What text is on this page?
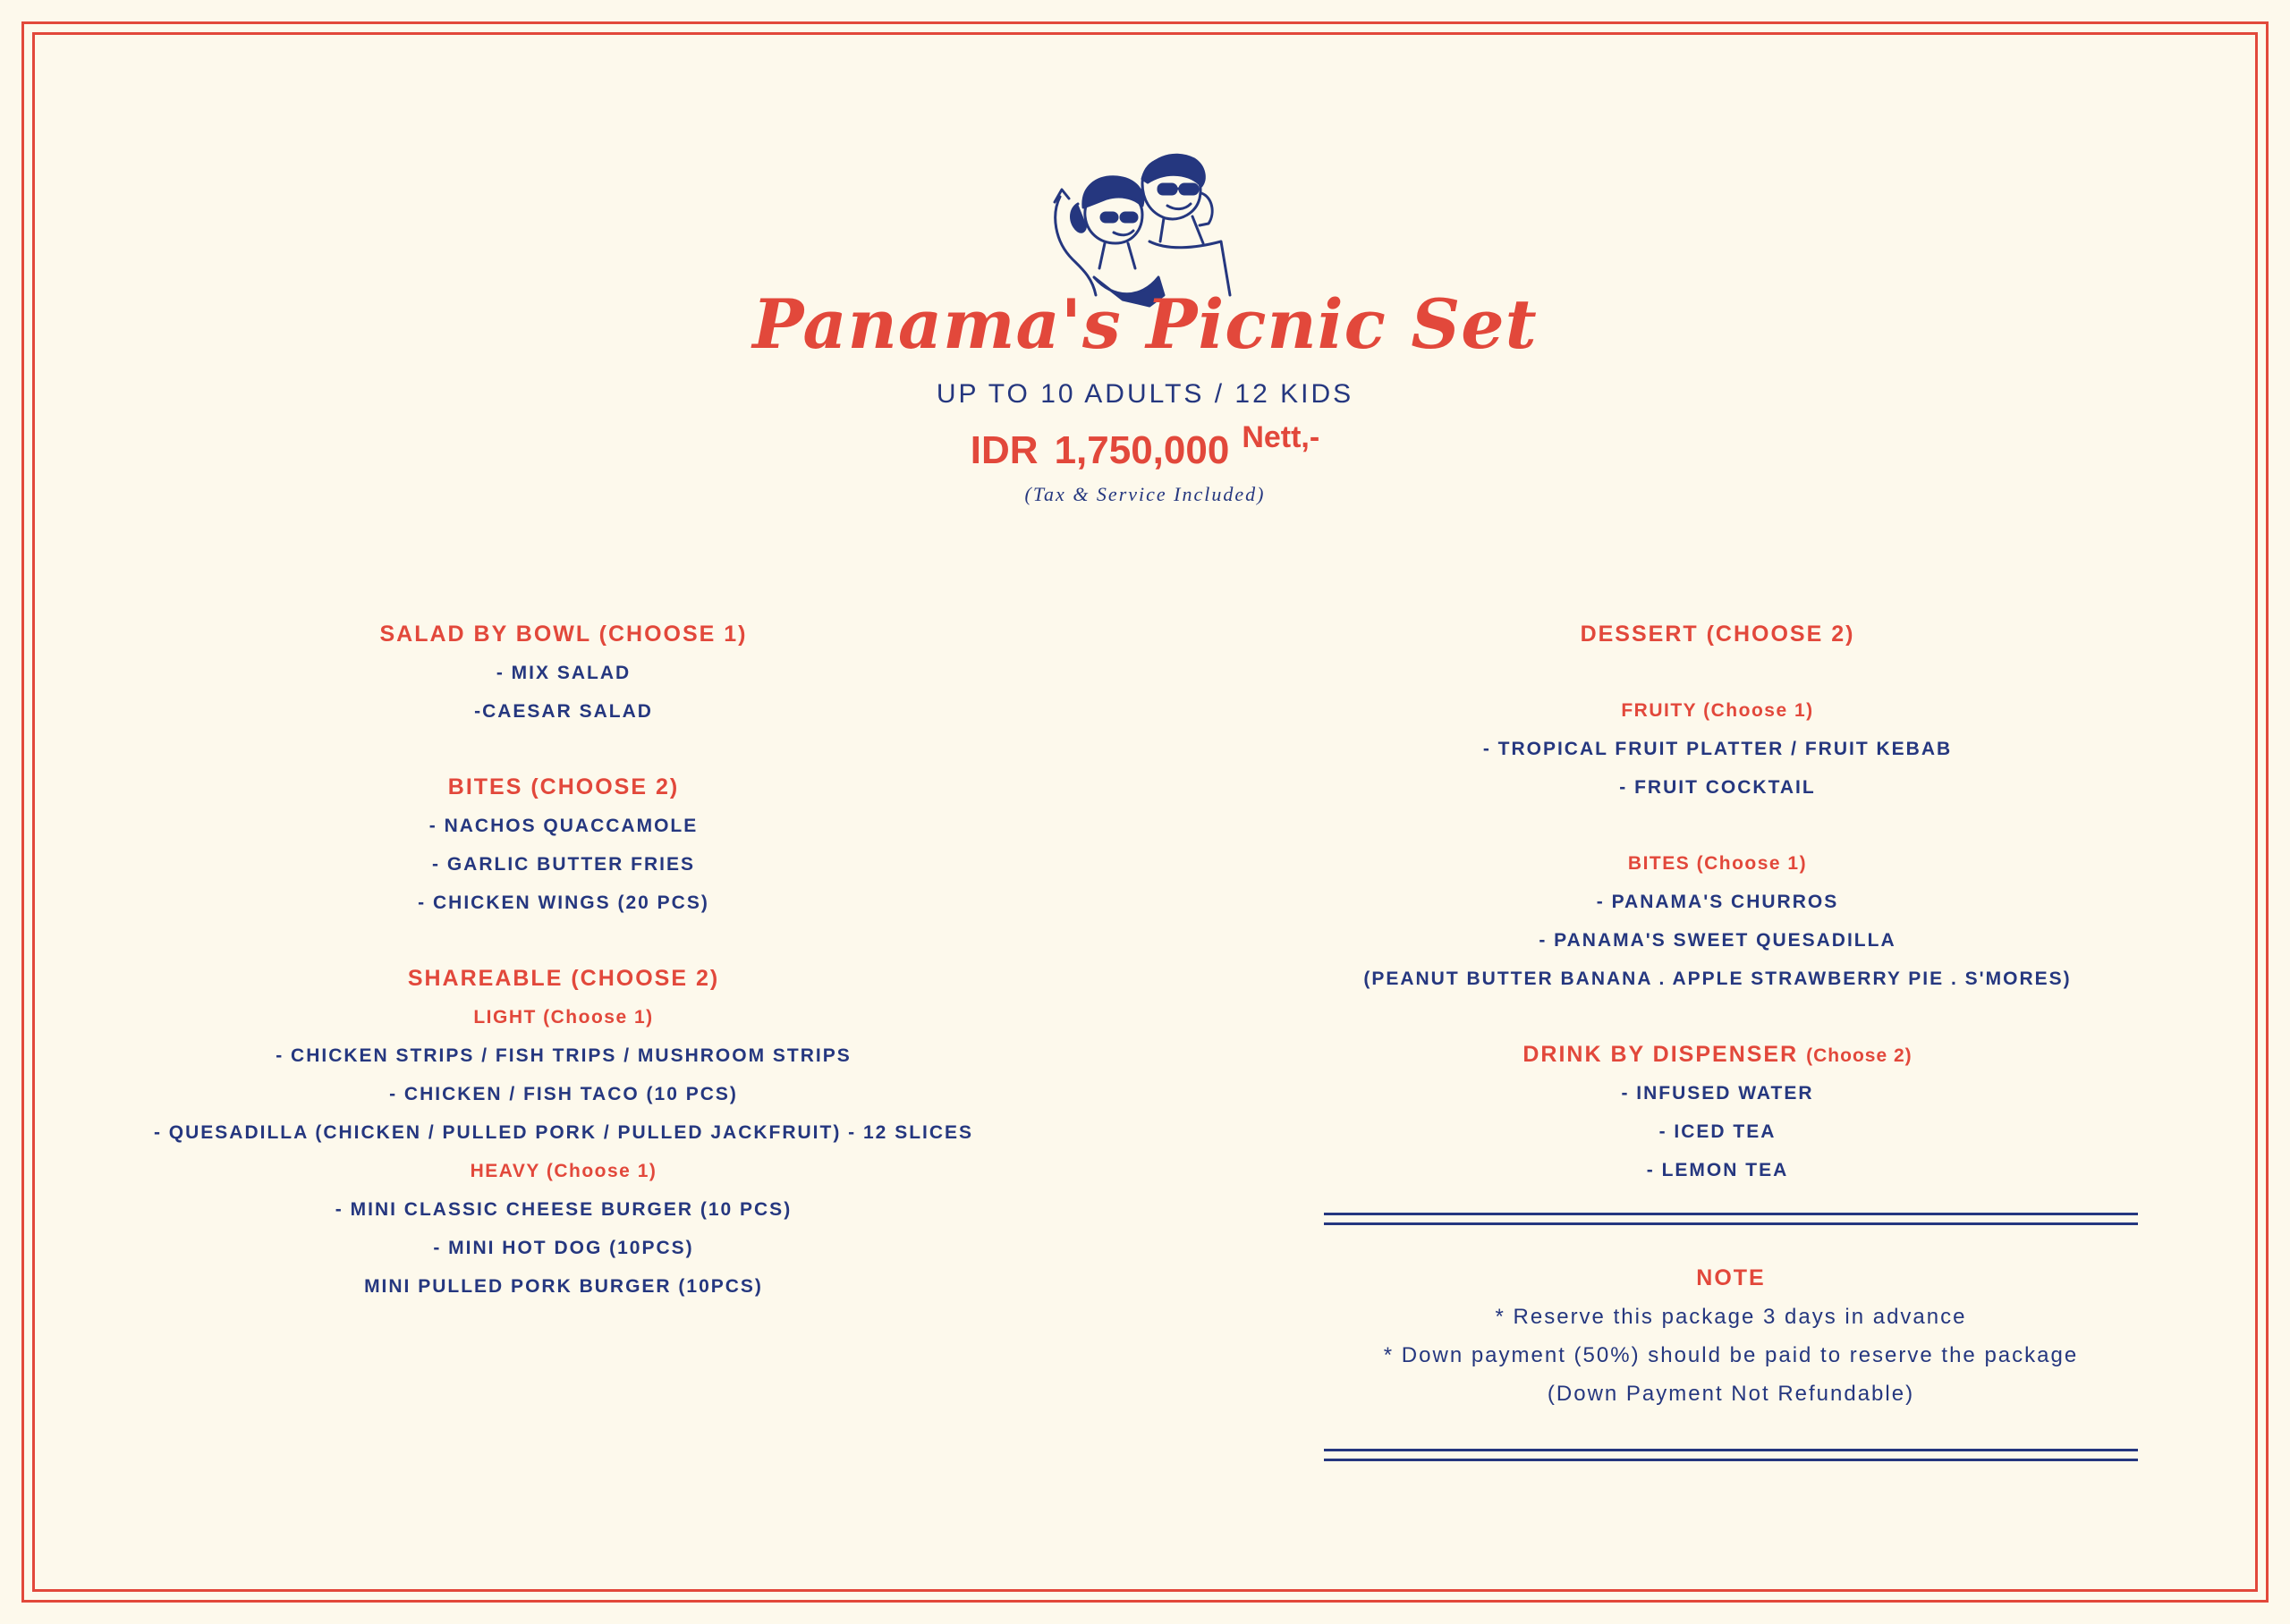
Panama's Picnic Set
UP TO 10 ADULTS / 12 KIDS
IDR 1,750,000 $^{Nett,-}$
(Tax & Service Included)
SALAD BY BOWL (CHOOSE 1)
- MIX SALAD
-CAESAR SALAD
BITES (CHOOSE 2)
- NACHOS QUACCAMOLE
- GARLIC BUTTER FRIES
- CHICKEN WINGS (20 PCS)
SHAREABLE (CHOOSE 2)
LIGHT (Choose 1)
- CHICKEN STRIPS / FISH TRIPS / MUSHROOM STRIPS
- CHICKEN / FISH TACO (10 PCS)
- QUESADILLA (CHICKEN / PULLED PORK / PULLED JACKFRUIT) - 12 SLICES
HEAVY (Choose 1)
- MINI CLASSIC CHEESE BURGER (10 PCS)
- MINI HOT DOG (10PCS)
MINI PULLED PORK BURGER (10PCS)
DESSERT (CHOOSE 2)
FRUITY (Choose 1)
- TROPICAL FRUIT PLATTER / FRUIT KEBAB
- FRUIT COCKTAIL
BITES (Choose 1)
- PANAMA'S CHURROS
- PANAMA'S SWEET QUESADILLA
(PEANUT BUTTER BANANA . APPLE STRAWBERRY PIE . S'MORES)
DRINK BY DISPENSER (Choose 2)
- INFUSED WATER
- ICED TEA
- LEMON TEA
NOTE
* Reserve this package 3 days in advance
* Down payment (50%) should be paid to reserve the package
(Down Payment Not Refundable)
